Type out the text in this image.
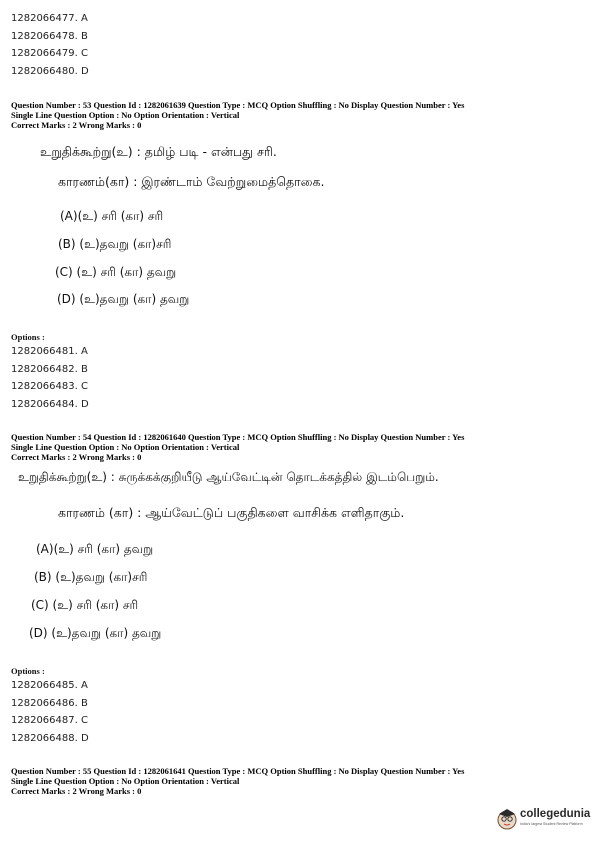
1282066477. A
1282066478. B
1282066479. C
1282066480. D
Question Number : 53 Question Id : 1282061639 Question Type : MCQ Option Shuffling : No Display Question Number : Yes
Single Line Question Option : No Option Orientation : Vertical
Correct Marks : 2 Wrong Marks : 0
உறுதிக்கூற்று(உ) : தமிழ் படி - என்பது சரி.
காரணம்(கா) : இரண்டாம் வேற்றுமைத்தொகை.
(A)(உ) சரி (கா) சரி
(B) (உ)தவறு (கா)சரி
(C) (உ) சரி (கா) தவறு
(D) (உ)தவறு (கா) தவறு
Options :
1282066481. A
1282066482. B
1282066483. C
1282066484. D
Question Number : 54 Question Id : 1282061640 Question Type : MCQ Option Shuffling : No Display Question Number : Yes
Single Line Question Option : No Option Orientation : Vertical
Correct Marks : 2 Wrong Marks : 0
உறுதிக்கூற்று(உ) : சுருக்கக்குறியீடு ஆய்வேட்டின் தொடக்கத்தில் இடம்பெறும்.
காரணம் (கா) : ஆய்வேட்டுப் பகுதிகளை வாசிக்க எளிதாகும்.
(A)(உ) சரி (கா) தவறு
(B) (உ)தவறு (கா)சரி
(C) (உ) சரி (கா) சரி
(D) (உ)தவறு (கா) தவறு
Options :
1282066485. A
1282066486. B
1282066487. C
1282066488. D
Question Number : 55 Question Id : 1282061641 Question Type : MCQ Option Shuffling : No Display Question Number : Yes
Single Line Question Option : No Option Orientation : Vertical
Correct Marks : 2 Wrong Marks : 0
collegedunia
India's largest Student Review Platform
